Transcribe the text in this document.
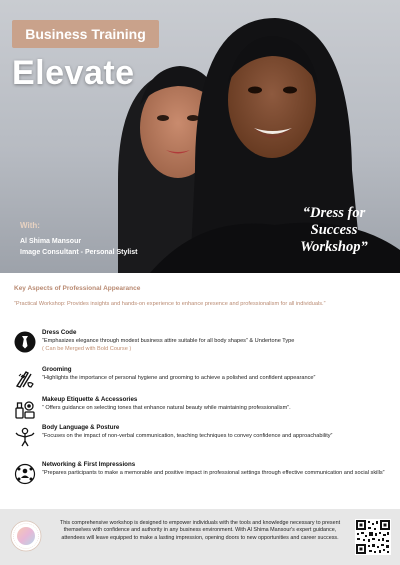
Business Training
Elevate
With:
Al Shima Mansour
Image Consultant - Personal Stylist
“Dress for
Success
Workshop”
Key Aspects of Professional Appearance
“Practical Workshop: Provides insights and hands-on experience to enhance presence and professionalism for all individuals.”
Dress Code
“Emphasizes elegance through modest business attire suitable for all body shapes” & Undertone Type
( Can be Merged with Bold Course )
Grooming
“Highlights the importance of personal hygiene and grooming to achieve a polished and confident appearance”
Makeup Etiquette & Accessories
“ Offers guidance on selecting tones that enhance natural beauty while maintaining professionalism”.
Body Language & Posture
“Focuses on the impact of non-verbal communication, teaching techniques to convey confidence and approachability”
Networking & First Impressions
“Prepares participants to make a memorable and positive impact in professional settings through effective communication and social skills”
This comprehensive workshop is designed to empower individuals with the tools and knowledge necessary to present themselves with confidence and authority in any business environment. With Al Shima Mansour's expert guidance, attendees will leave equipped to make a lasting impression, opening doors to new opportunities and career success.
